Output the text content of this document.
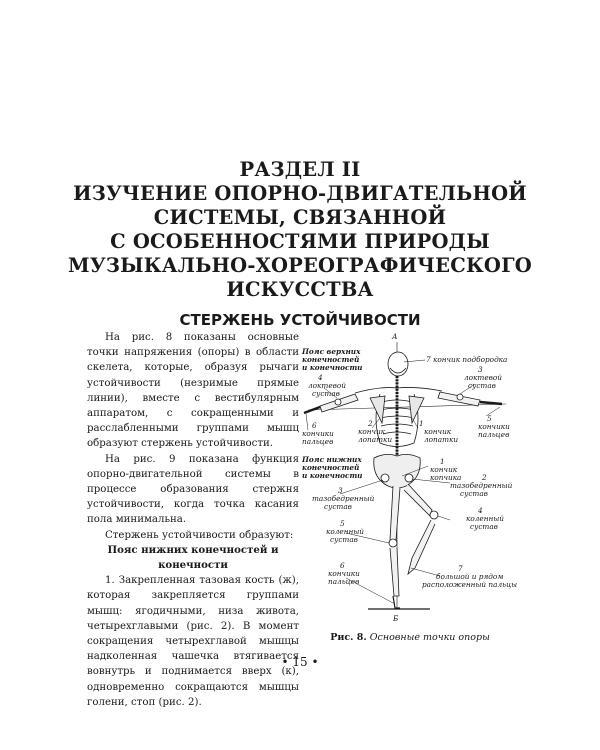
РАЗДЕЛ II
ИЗУЧЕНИЕ ОПОРНО-ДВИГАТЕЛЬНОЙ
СИСТЕМЫ, СВЯЗАННОЙ
С ОСОБЕННОСТЯМИ ПРИРОДЫ
МУЗЫКАЛЬНО-ХОРЕОГРАФИЧЕСКОГО
ИСКУССТВА
СТЕРЖЕНЬ УСТОЙЧИВОСТИ

На рис. 8 показаны основные точки напряжения (опоры) в области скелета, которые, образуя рычаги устойчивости (незримые прямые линии), вместе с вестибулярным аппаратом, с сокращенными и расслабленными группами мышц образуют стержень устойчивости.

На рис. 9 показана функция опорно-двигательной системы в процессе образования стержня устойчивости, когда точка касания пола минимальна.

Стержень устойчивости образуют:

Пояс нижних конечностей и конечности

1. Закрепленная тазовая кость (ж), которая закрепляется группами мышц: ягодичными, низа живота, четырехглавыми (рис. 2). В момент сокращения четырехглавой мышцы надколенная чашечка втягивается вовнутрь и поднимается вверх (к), одновременно сокращаются мышцы голени, стоп (рис. 2).

А
Б
Пояс верхних
конечностей
и конечности
7 кончик подбородка
3
локтевой
сустав
4
локтевой
сустав
5
кончики
пальцев
6
кончики
пальцев
2
кончик
лопатки
1
кончик
лопатки
Пояс нижних
конечностей
и конечности
1
кончик
копчика	2
тазобедренный
сустав
3
тазобедренный
сустав	4
коленный
сустав
5
коленный
сустав
6
кончики
пальцев
7
большой и рядом
расположенный пальцы
Рис. 8. Основные точки опоры
• 15 •
